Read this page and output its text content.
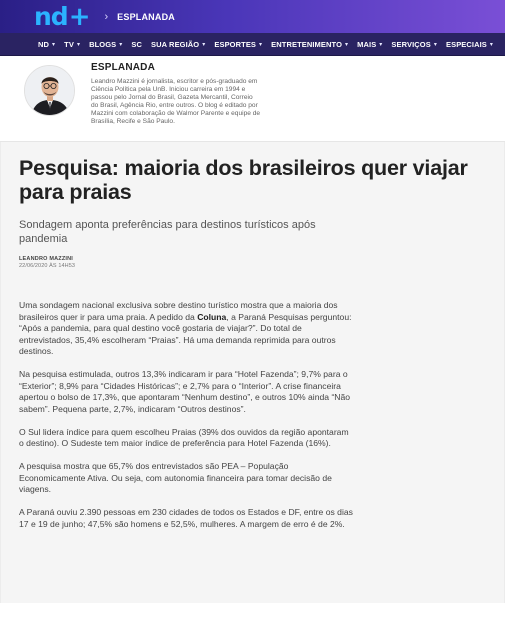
nd + › ESPLANADA
ND ▾ TV ▾ BLOGS ▾ SC SUA REGIÃO ▾ ESPORTES ▾ ENTRETENIMENTO ▾ MAIS ▾ SERVIÇOS ▾ ESPECIAIS ▾
ESPLANADA
Leandro Mazzini é jornalista, escritor e pós-graduado em Ciência Política pela UnB. Iniciou carreira em 1994 e passou pelo Jornal do Brasil, Gazeta Mercantil, Correio do Brasil, Agência Rio, entre outros. O blog é editado por Mazzini com colaboração de Walmor Parente e equipe de Brasília, Recife e São Paulo.
Pesquisa: maioria dos brasileiros quer viajar para praias
Sondagem aponta preferências para destinos turísticos após pandemia
LEANDRO MAZZINI
22/06/2020 ÀS 14H53

Uma sondagem nacional exclusiva sobre destino turístico mostra que a maioria dos brasileiros quer ir para uma praia. A pedido da Coluna, a Paraná Pesquisas perguntou: “Após a pandemia, para qual destino você gostaria de viajar?”. Do total de entrevistados, 35,4% escolheram “Praias”. Há uma demanda reprimida para outros destinos.

Na pesquisa estimulada, outros 13,3% indicaram ir para “Hotel Fazenda”; 9,7% para o “Exterior”; 8,9% para “Cidades Históricas”; e 2,7% para o “Interior”. A crise financeira apertou o bolso de 17,3%, que apontaram “Nenhum destino”, e outros 10% ainda “Não sabem”. Pequena parte, 2,7%, indicaram “Outros destinos”.

O Sul lidera índice para quem escolheu Praias (39% dos ouvidos da região apontaram o destino). O Sudeste tem maior índice de preferência para Hotel Fazenda (16%).

A pesquisa mostra que 65,7% dos entrevistados são PEA – População Economicamente Ativa. Ou seja, com autonomia financeira para tomar decisão de viagens.

A Paraná ouviu 2.390 pessoas em 230 cidades de todos os Estados e DF, entre os dias 17 e 19 de junho; 47,5% são homens e 52,5%, mulheres. A margem de erro é de 2%.
